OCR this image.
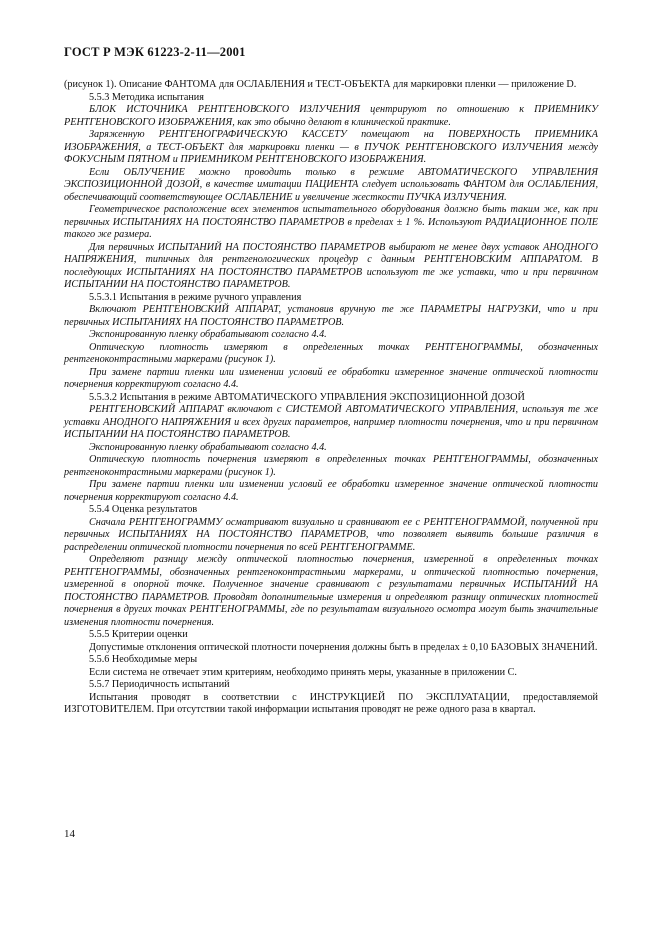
ГОСТ Р МЭК 61223-2-11—2001

(рисунок 1). Описание ФАНТОМА для ОСЛАБЛЕНИЯ и ТЕСТ-ОБЪЕКТА для маркировки пленки — приложение D.

5.5.3 Методика испытания

БЛОК ИСТОЧНИКА РЕНТГЕНОВСКОГО ИЗЛУЧЕНИЯ центрируют по отношению к ПРИЕМНИКУ РЕНТГЕНОВСКОГО ИЗОБРАЖЕНИЯ, как это обычно делают в клинической практике.

Заряженную РЕНТГЕНОГРАФИЧЕСКУЮ КАССЕТУ помещают на ПОВЕРХНОСТЬ ПРИЕМНИКА ИЗОБРАЖЕНИЯ, а ТЕСТ-ОБЪЕКТ для маркировки пленки — в ПУЧОК РЕНТГЕНОВСКОГО ИЗЛУЧЕНИЯ между ФОКУСНЫМ ПЯТНОМ и ПРИЕМНИКОМ РЕНТГЕНОВСКОГО ИЗОБРАЖЕНИЯ.

Если ОБЛУЧЕНИЕ можно проводить только в режиме АВТОМАТИЧЕСКОГО УПРАВЛЕНИЯ ЭКСПОЗИЦИОННОЙ ДОЗОЙ, в качестве имитации ПАЦИЕНТА следует использовать ФАНТОМ для ОСЛАБЛЕНИЯ, обеспечивающий соответствующее ОСЛАБЛЕНИЕ и увеличение жесткости ПУЧКА ИЗЛУЧЕНИЯ.

Геометрическое расположение всех элементов испытательного оборудования должно быть таким же, как при первичных ИСПЫТАНИЯХ НА ПОСТОЯНСТВО ПАРАМЕТРОВ в пределах ± 1 %. Используют РАДИАЦИОННОЕ ПОЛЕ такого же размера.

Для первичных ИСПЫТАНИЙ НА ПОСТОЯНСТВО ПАРАМЕТРОВ выбирают не менее двух уставок АНОДНОГО НАПРЯЖЕНИЯ, типичных для рентгенологических процедур с данным РЕНТГЕНОВСКИМ АППАРАТОМ. В последующих ИСПЫТАНИЯХ НА ПОСТОЯНСТВО ПАРАМЕТРОВ используют те же уставки, что и при первичном ИСПЫТАНИИ НА ПОСТОЯНСТВО ПАРАМЕТРОВ.

5.5.3.1 Испытания в режиме ручного управления

Включают РЕНТГЕНОВСКИЙ АППАРАТ, установив вручную те же ПАРАМЕТРЫ НАГРУЗКИ, что и при первичных ИСПЫТАНИЯХ НА ПОСТОЯНСТВО ПАРАМЕТРОВ.

Экспонированную пленку обрабатывают согласно 4.4.

Оптическую плотность измеряют в определенных точках РЕНТГЕНОГРАММЫ, обозначенных рентгеноконтрастными маркерами (рисунок 1).

При замене партии пленки или изменении условий ее обработки измеренное значение оптической плотности почернения корректируют согласно 4.4.

5.5.3.2 Испытания в режиме АВТОМАТИЧЕСКОГО УПРАВЛЕНИЯ ЭКСПОЗИЦИОННОЙ ДОЗОЙ

РЕНТГЕНОВСКИЙ АППАРАТ включают с СИСТЕМОЙ АВТОМАТИЧЕСКОГО УПРАВЛЕНИЯ, используя те же уставки АНОДНОГО НАПРЯЖЕНИЯ и всех других параметров, например плотности почернения, что и при первичном ИСПЫТАНИИ НА ПОСТОЯНСТВО ПАРАМЕТРОВ.

Экспонированную пленку обрабатывают согласно 4.4.

Оптическую плотность почернения измеряют в определенных точках РЕНТГЕНОГРАММЫ, обозначенных рентгеноконтрастными маркерами (рисунок 1).

При замене партии пленки или изменении условий ее обработки измеренное значение оптической плотности почернения корректируют согласно 4.4.

5.5.4 Оценка результатов

Сначала РЕНТГЕНОГРАММУ осматривают визуально и сравнивают ее с РЕНТГЕНОГРАММОЙ, полученной при первичных ИСПЫТАНИЯХ НА ПОСТОЯНСТВО ПАРАМЕТРОВ, что позволяет выявить большие различия в распределении оптической плотности почернения по всей РЕНТГЕНОГРАММЕ.

Определяют разницу между оптической плотностью почернения, измеренной в определенных точках РЕНТГЕНОГРАММЫ, обозначенных рентгеноконтрастными маркерами, и оптической плотностью почернения, измеренной в опорной точке. Полученное значение сравнивают с результатами первичных ИСПЫТАНИЙ НА ПОСТОЯНСТВО ПАРАМЕТРОВ. Проводят дополнительные измерения и определяют разницу оптических плотностей почернения в других точках РЕНТГЕНОГРАММЫ, где по результатам визуального осмотра могут быть значительные изменения плотности почернения.

5.5.5 Критерии оценки

Допустимые отклонения оптической плотности почернения должны быть в пределах ± 0,10 БАЗОВЫХ ЗНАЧЕНИЙ.

5.5.6 Необходимые меры

Если система не отвечает этим критериям, необходимо принять меры, указанные в приложении С.

5.5.7 Периодичность испытаний

Испытания проводят в соответствии с ИНСТРУКЦИЕЙ ПО ЭКСПЛУАТАЦИИ, предоставляемой ИЗГОТОВИТЕЛЕМ. При отсутствии такой информации испытания проводят не реже одного раза в квартал.

14
